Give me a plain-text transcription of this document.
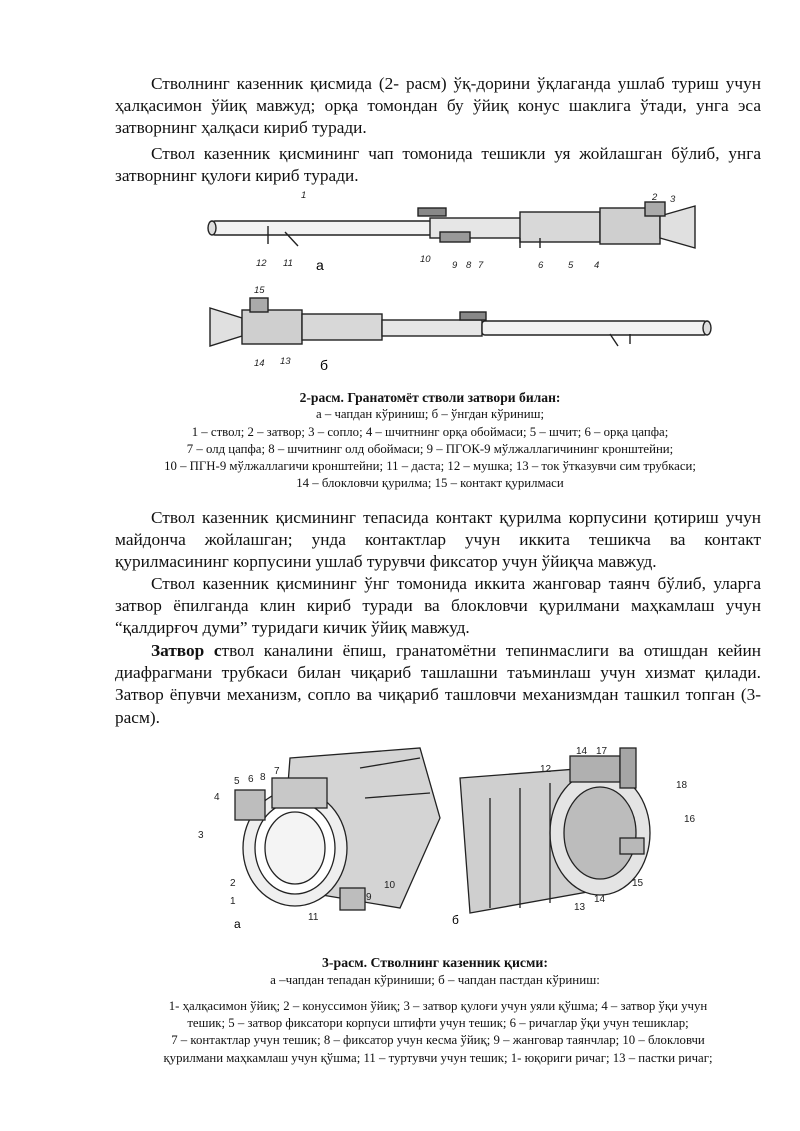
Стволнинг казенник қисмида (2- расм) ўқ-дорини ўқлаганда ушлаб туриш учун ҳалқасимон ўйиқ мавжуд; орқа томондан бу ўйиқ конус шаклига ўтади, унга эса затворнинг ҳалқаси кириб туради.

Ствол казенник қисмининг чап томонида тешикли уя жойлашган бўлиб, унга затворнинг қулоғи кириб туради.

1	2 3
12 11	10
9 8 7	6	5 4
а
15
14 13 б
2-расм. Гранатомёт стволи затвори билан:
а – чапдан кўриниш; б – ўнгдан кўриниш;
1 – ствол; 2 – затвор; 3 – сопло; 4 – шчитнинг орқа обоймаси; 5 – шчит; 6 – орқа цапфа;
7 – олд цапфа; 8 – шчитнинг олд обоймаси; 9 – ПГОК-9 мўлжаллагичининг кронштейни;
10 – ПГН-9 мўлжаллагичи кронштейни; 11 – даста; 12 – мушка; 13 – ток ўтказувчи сим трубкаси;
14 – блокловчи қурилма; 15 – контакт қурилмаси

Ствол казенник қисмининг тепасида контакт қурилма корпусини қотириш учун майдонча жойлашган; унда контактлар учун иккита тешикча ва контакт қурилмасининг корпусини ушлаб турувчи фиксатор учун ўйиқча мавжуд.

Ствол казенник қисмининг ўнг томонида иккита жанговар таянч бўлиб, уларга затвор ёпилганда клин кириб туради ва блокловчи қурилмани маҳкамлаш учун “қалдирғоч думи” туридаги кичик ўйиқ мавжуд.

Затвор ствол каналини ёпиш, гранатомётни тепинмаслиги ва отишдан кейин диафрагмани трубкаси билан чиқариб ташлашни таъминлаш учун хизмат қилади. Затвор ёпувчи механизм, сопло ва чиқариб ташловчи механизмдан ташкил топган (3-расм).

5 6 8
7
4
3
2
1	9
10
11
а
14 17
12
18
16
15
13
14
б
3-расм. Стволнинг казенник қисми:
а –чапдан тепадан кўриниши; б – чапдан пастдан кўриниш:
1- ҳалқасимон ўйиқ; 2 – конуссимон ўйиқ; 3 – затвор қулоғи учун уяли қўшма; 4 – затвор ўқи учун
тешик; 5 – затвор фиксатори корпуси штифти учун тешик; 6 – ричаглар ўқи учун тешиклар;
7 – контактлар учун тешик; 8 – фиксатор учун кесма ўйиқ; 9 – жанговар таянчлар; 10 – блокловчи
қурилмани маҳкамлаш учун қўшма; 11 – туртувчи учун тешик; 1- юқориги ричаг; 13 – пастки ричаг;
